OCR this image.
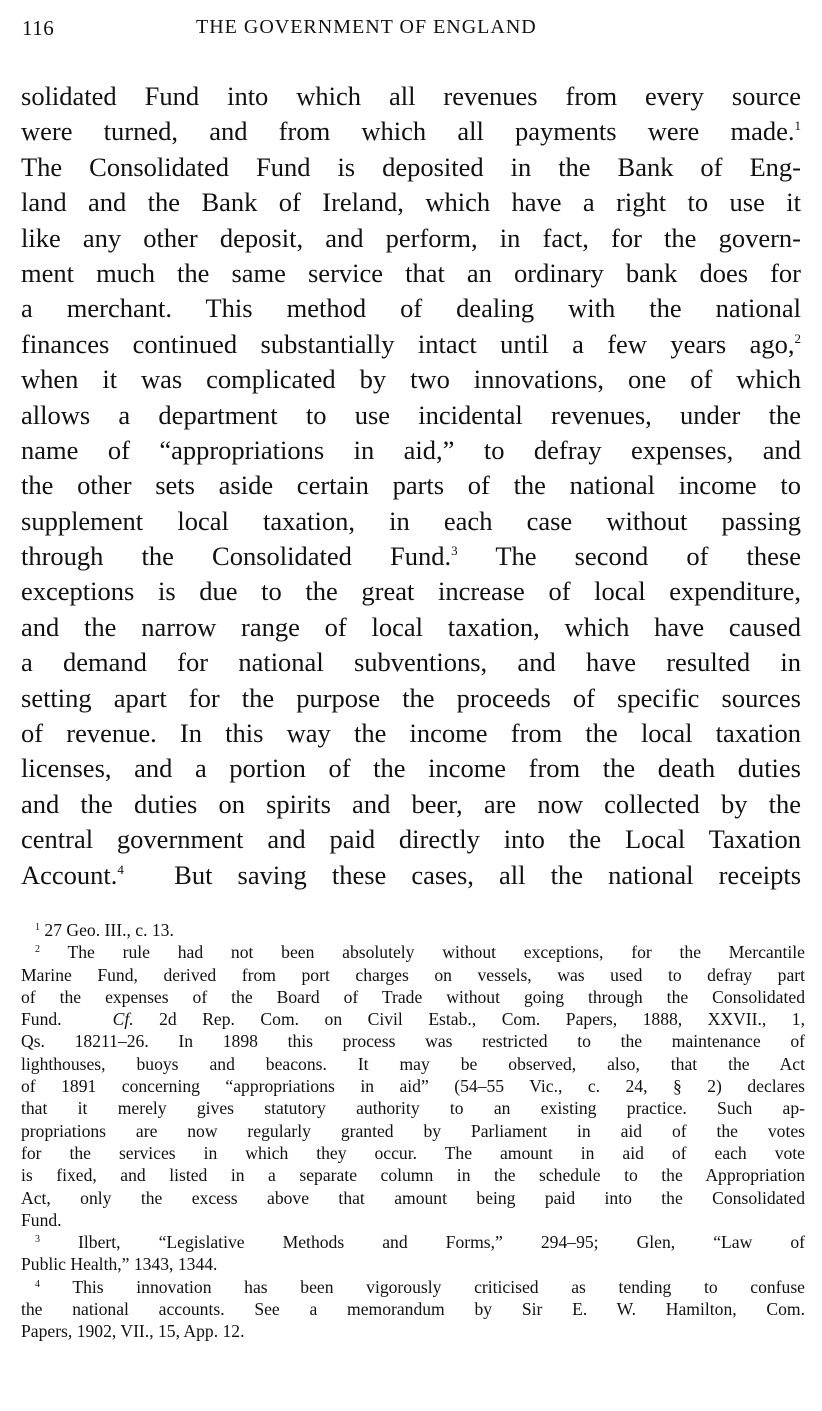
116	THE GOVERNMENT OF ENGLAND
solidated Fund into which all revenues from every source
were turned, and from which all payments were made.$^1$
The Consolidated Fund is deposited in the Bank of Eng-
land and the Bank of Ireland, which have a right to use it
like any other deposit, and perform, in fact, for the govern-
ment much the same service that an ordinary bank does for
a merchant. This method of dealing with the national
finances continued substantially intact until a few years ago,$^2$
when it was complicated by two innovations, one of which
allows a department to use incidental revenues, under the
name of “appropriations in aid,” to defray expenses, and
the other sets aside certain parts of the national income to
supplement local taxation, in each case without passing
through the Consolidated Fund.$^3$ The second of these
exceptions is due to the great increase of local expenditure,
and the narrow range of local taxation, which have caused
a demand for national subventions, and have resulted in
setting apart for the purpose the proceeds of specific sources
of revenue. In this way the income from the local taxation
licenses, and a portion of the income from the death duties
and the duties on spirits and beer, are now collected by the
central government and paid directly into the Local Taxation
Account.$^4$ But saving these cases, all the national receipts
$^1$ 27 Geo. III., c. 13.
$^2$ The rule had not been absolutely without exceptions, for the Mercantile
Marine Fund, derived from port charges on vessels, was used to defray part
of the expenses of the Board of Trade without going through the Consolidated
Fund.	Cf. 2d Rep. Com. on Civil Estab., Com. Papers, 1888, XXVII., 1,
Qs. 18211–26. In 1898 this process was restricted to the maintenance of
lighthouses, buoys and beacons. It may be observed, also, that the Act
of 1891 concerning “appropriations in aid” (54–55 Vic., c. 24, § 2) declares
that it merely gives statutory authority to an existing practice. Such ap-
propriations are now regularly granted by Parliament in aid of the votes
for the services in which they occur. The amount in aid of each vote
is fixed, and listed in a separate column in the schedule to the Appropriation
Act, only the excess above that amount being paid into the Consolidated
Fund.
$^3$ Ilbert, “Legislative Methods and Forms,” 294–95; Glen, “Law of
Public Health,” 1343, 1344.
$^4$ This innovation has been vigorously criticised as tending to confuse
the national accounts. See a memorandum by Sir E. W. Hamilton, Com.
Papers, 1902, VII., 15, App. 12.
